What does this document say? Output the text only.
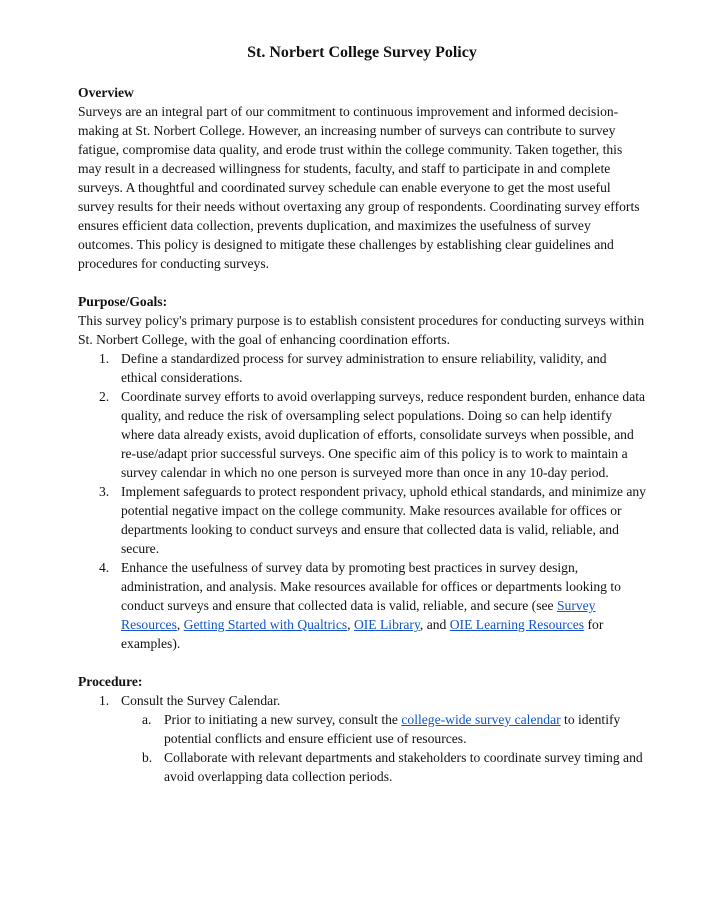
St. Norbert College Survey Policy
Overview

Surveys are an integral part of our commitment to continuous improvement and informed decision-making at St. Norbert College. However, an increasing number of surveys can contribute to survey fatigue, compromise data quality, and erode trust within the college community. Taken together, this may result in a decreased willingness for students, faculty, and staff to participate in and complete surveys. A thoughtful and coordinated survey schedule can enable everyone to get the most useful survey results for their needs without overtaxing any group of respondents. Coordinating survey efforts ensures efficient data collection, prevents duplication, and maximizes the usefulness of survey outcomes. This policy is designed to mitigate these challenges by establishing clear guidelines and procedures for conducting surveys.

Purpose/Goals:

This survey policy's primary purpose is to establish consistent procedures for conducting surveys within St. Norbert College, with the goal of enhancing coordination efforts.

1. Define a standardized process for survey administration to ensure reliability, validity, and ethical considerations.
2. Coordinate survey efforts to avoid overlapping surveys, reduce respondent burden, enhance data quality, and reduce the risk of oversampling select populations. Doing so can help identify where data already exists, avoid duplication of efforts, consolidate surveys when possible, and re-use/adapt prior successful surveys. One specific aim of this policy is to work to maintain a survey calendar in which no one person is surveyed more than once in any 10-day period.
3. Implement safeguards to protect respondent privacy, uphold ethical standards, and minimize any potential negative impact on the college community. Make resources available for offices or departments looking to conduct surveys and ensure that collected data is valid, reliable, and secure.
4. Enhance the usefulness of survey data by promoting best practices in survey design, administration, and analysis. Make resources available for offices or departments looking to conduct surveys and ensure that collected data is valid, reliable, and secure (see Survey Resources, Getting Started with Qualtrics, OIE Library, and OIE Learning Resources for examples).
Procedure:
1. Consult the Survey Calendar.
a. Prior to initiating a new survey, consult the college-wide survey calendar to identify potential conflicts and ensure efficient use of resources.
b. Collaborate with relevant departments and stakeholders to coordinate survey timing and avoid overlapping data collection periods.
